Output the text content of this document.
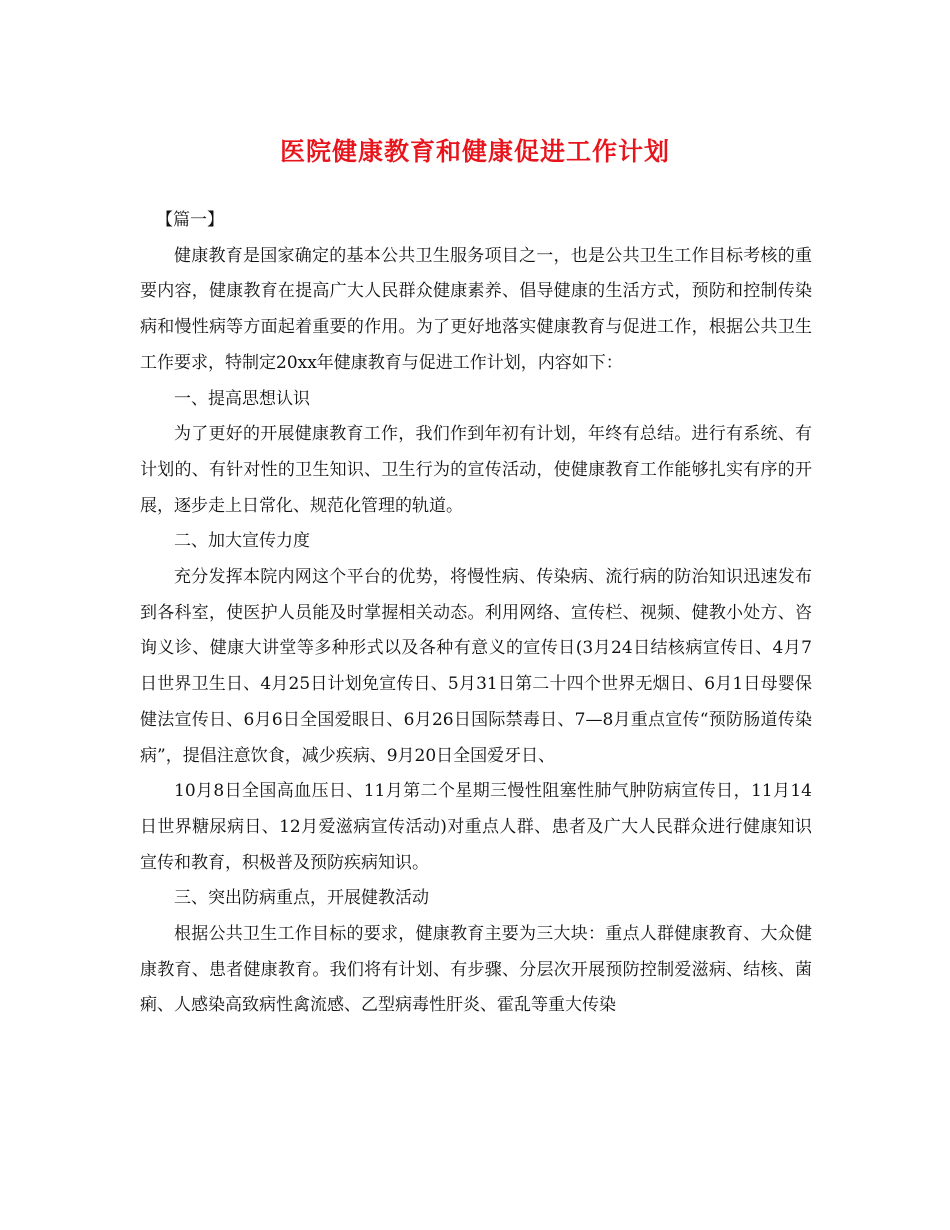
医院健康教育和健康促进工作计划

【篇一】

健康教育是国家确定的基本公共卫生服务项目之一，也是公共卫生工作目标考核的重要内容，健康教育在提高广大人民群众健康素养、倡导健康的生活方式，预防和控制传染病和慢性病等方面起着重要的作用。为了更好地落实健康教育与促进工作，根据公共卫生工作要求，特制定20xx年健康教育与促进工作计划，内容如下：

一、提高思想认识

为了更好的开展健康教育工作，我们作到年初有计划，年终有总结。进行有系统、有计划的、有针对性的卫生知识、卫生行为的宣传活动，使健康教育工作能够扎实有序的开展，逐步走上日常化、规范化管理的轨道。

二、加大宣传力度

充分发挥本院内网这个平台的优势，将慢性病、传染病、流行病的防治知识迅速发布到各科室，使医护人员能及时掌握相关动态。利用网络、宣传栏、视频、健教小处方、咨询义诊、健康大讲堂等多种形式以及各种有意义的宣传日(3月24日结核病宣传日、4月7日世界卫生日、4月25日计划免宣传日、5月31日第二十四个世界无烟日、6月1日母婴保健法宣传日、6月6日全国爱眼日、6月26日国际禁毒日、7—8月重点宣传“预防肠道传染病”，提倡注意饮食，减少疾病、9月20日全国爱牙日、

10月8日全国高血压日、11月第二个星期三慢性阻塞性肺气肿防病宣传日，11月14日世界糖尿病日、12月爱滋病宣传活动)对重点人群、患者及广大人民群众进行健康知识宣传和教育，积极普及预防疾病知识。

三、突出防病重点，开展健教活动

根据公共卫生工作目标的要求，健康教育主要为三大块：重点人群健康教育、大众健康教育、患者健康教育。我们将有计划、有步骤、分层次开展预防控制爱滋病、结核、菌痢、人感染高致病性禽流感、乙型病毒性肝炎、霍乱等重大传染
